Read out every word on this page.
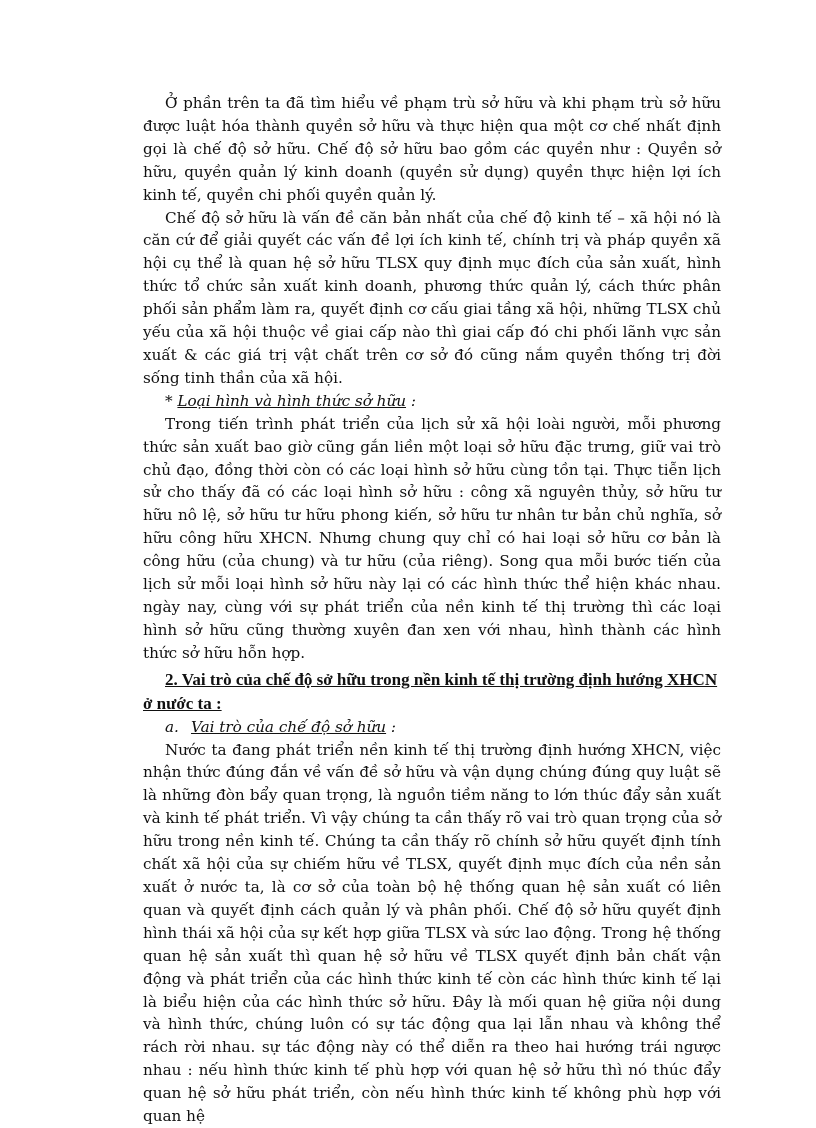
Ở phần trên ta đã tìm hiểu về phạm trù sở hữu và khi phạm trù sở hữu được luật hóa thành quyền sở hữu và thực hiện qua một cơ chế nhất định gọi là chế độ sở hữu. Chế độ sở hữu bao gồm các quyền như : Quyền sở hữu, quyền quản lý kinh doanh (quyền sử dụng) quyền thực hiện lợi ích kinh tế, quyền chi phối quyền quản lý.

Chế độ sở hữu là vấn đề căn bản nhất của chế độ kinh tế – xã hội nó là căn cứ để giải quyết các vấn đề lợi ích kinh tế, chính trị và pháp quyền xã hội cụ thể là quan hệ sở hữu TLSX quy định mục đích của sản xuất, hình thức tổ chức sản xuất kinh doanh, phương thức quản lý, cách thức phân phối sản phẩm làm ra, quyết định cơ cấu giai tầng xã hội, những TLSX chủ yếu của xã hội thuộc về giai cấp nào thì giai cấp đó chi phối lãnh vực sản xuất & các giá trị vật chất trên cơ sở đó cũng nắm quyền thống trị đời sống tinh thần của xã hội.

* Loại hình và hình thức sở hữu :

Trong tiến trình phát triển của lịch sử xã hội loài người, mỗi phương thức sản xuất bao giờ cũng gắn liền một loại sở hữu đặc trưng, giữ vai trò chủ đạo, đồng thời còn có các loại hình sở hữu cùng tồn tại. Thực tiễn lịch sử cho thấy đã có các loại hình sở hữu : công xã nguyên thủy, sở hữu tư hữu nô lệ, sở hữu tư hữu phong kiến, sở hữu tư nhân tư bản chủ nghĩa, sở hữu công hữu XHCN. Nhưng chung quy chỉ có hai loại sở hữu cơ bản là công hữu (của chung) và tư hữu (của riêng). Song qua mỗi bước tiến của lịch sử mỗi loại hình sở hữu này lại có các hình thức thể hiện khác nhau. ngày nay, cùng với sự phát triển của nền kinh tế thị trường thì các loại hình sở hữu cũng thường xuyên đan xen với nhau, hình thành các hình thức sở hữu hỗn hợp.

2. Vai trò của chế độ sở hữu trong nền kinh tế thị trường định hướng XHCN ở nước ta :

a. Vai trò của chế độ sở hữu :

Nước ta đang phát triển nền kinh tế thị trường định hướng XHCN, việc nhận thức đúng đắn về vấn đề sở hữu và vận dụng chúng đúng quy luật sẽ là những đòn bẩy quan trọng, là nguồn tiềm năng to lớn thúc đẩy sản xuất và kinh tế phát triển. Vì vậy chúng ta cần thấy rõ vai trò quan trọng của sở hữu trong nền kinh tế. Chúng ta cần thấy rõ chính sở hữu quyết định tính chất xã hội của sự chiếm hữu về TLSX, quyết định mục đích của nền sản xuất ở nước ta, là cơ sở của toàn bộ hệ thống quan hệ sản xuất có liên quan và quyết định cách quản lý và phân phối. Chế độ sở hữu quyết định hình thái xã hội của sự kết hợp giữa TLSX và sức lao động. Trong hệ thống quan hệ sản xuất thì quan hệ sở hữu về TLSX quyết định bản chất vận động và phát triển của các hình thức kinh tế còn các hình thức kinh tế lại là biểu hiện của các hình thức sở hữu. Đây là mối quan hệ giữa nội dung và hình thức, chúng luôn có sự tác động qua lại lẫn nhau và không thể rách rời nhau. sự tác động này có thể diễn ra theo hai hướng trái ngược nhau : nếu hình thức kinh tế phù hợp với quan hệ sở hữu thì nó thúc đẩy quan hệ sở hữu phát triển, còn nếu hình thức kinh tế không phù hợp với quan hệ
